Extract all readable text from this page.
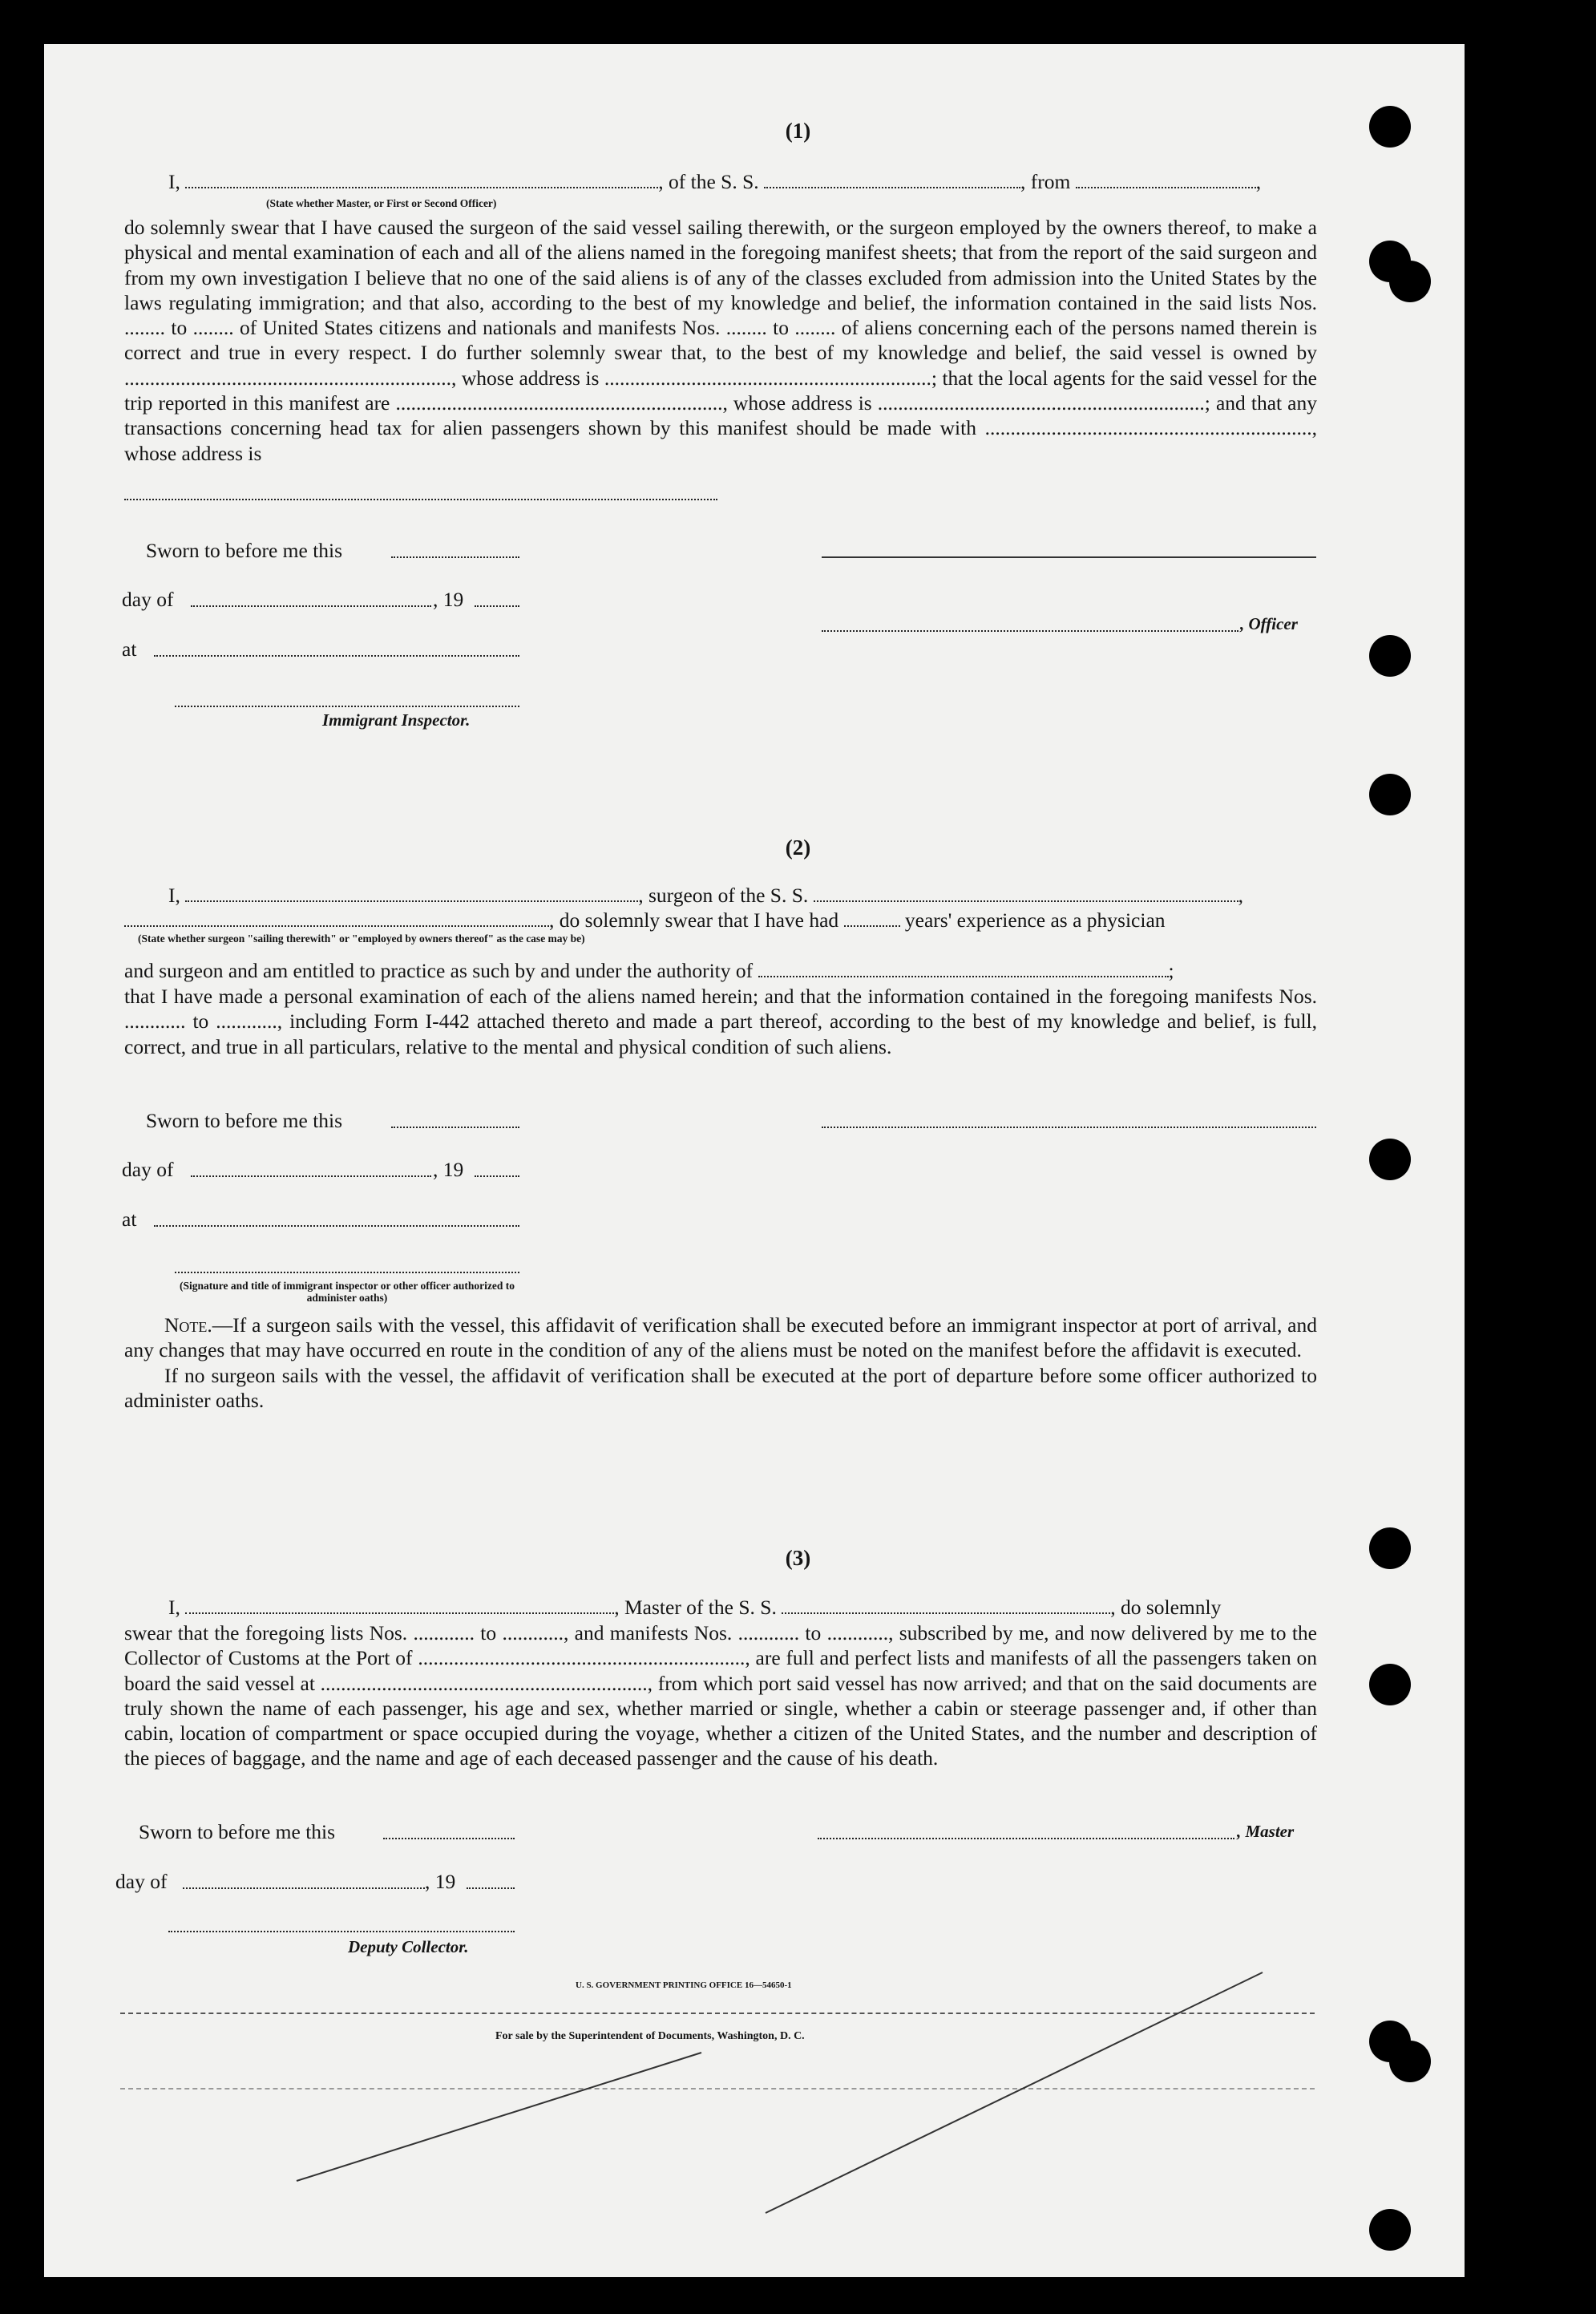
(1)
I,	, of the S. S.	, from	,
(State whether Master, or First or Second Officer)

do solemnly swear that I have caused the surgeon of the said vessel sailing therewith, or the surgeon employed by the owners thereof, to make a physical and mental examination of each and all of the aliens named in the foregoing manifest sheets; that from the report of the said surgeon and from my own investigation I believe that no one of the said aliens is of any of the classes excluded from admission into the United States by the laws regulating immigration; and that also, according to the best of my knowledge and belief, the information contained in the said lists Nos. ........ to ........ of United States citizens and nationals and manifests Nos. ........ to ........ of aliens concerning each of the persons named therein is correct and true in every respect. I do further solemnly swear that, to the best of my knowledge and belief, the said vessel is owned by ................................................................, whose address is ................................................................; that the local agents for the said vessel for the trip reported in this manifest are ................................................................, whose address is ................................................................; and that any transactions concerning head tax for alien passengers shown by this manifest should be made with ................................................................, whose address is

Sworn to before me this
day of	, 19
, Officer
at
Immigrant Inspector.
(2)
I,	, surgeon of the S. S.	,
, do solemnly swear that I have had	years' experience as a physician
(State whether surgeon "sailing therewith" or "employed by owners thereof" as the case may be)
and surgeon and am entitled to practice as such by and under the authority of	;

that I have made a personal examination of each of the aliens named herein; and that the information contained in the foregoing manifests Nos. ............ to ............, including Form I-442 attached thereto and made a part thereof, according to the best of my knowledge and belief, is full, correct, and true in all particulars, relative to the mental and physical condition of such aliens.

Sworn to before me this
day of	, 19
at
(Signature and title of immigrant inspector or other officer authorized to administer oaths)

Note.—If a surgeon sails with the vessel, this affidavit of verification shall be executed before an immigrant inspector at port of arrival, and any changes that may have occurred en route in the condition of any of the aliens must be noted on the manifest before the affidavit is executed.

If no surgeon sails with the vessel, the affidavit of verification shall be executed at the port of departure before some officer authorized to administer oaths.

(3)
I,	, Master of the S. S.	, do solemnly

swear that the foregoing lists Nos. ............ to ............, and manifests Nos. ............ to ............, subscribed by me, and now delivered by me to the Collector of Customs at the Port of ................................................................, are full and perfect lists and manifests of all the passengers taken on board the said vessel at ................................................................, from which port said vessel has now arrived; and that on the said documents are truly shown the name of each passenger, his age and sex, whether married or single, whether a cabin or steerage passenger and, if other than cabin, location of compartment or space occupied during the voyage, whether a citizen of the United States, and the number and description of the pieces of baggage, and the name and age of each deceased passenger and the cause of his death.

Sworn to before me this	, Master
day of	, 19
Deputy Collector.
U. S. GOVERNMENT PRINTING OFFICE 16—54650-1
For sale by the Superintendent of Documents, Washington, D. C.
